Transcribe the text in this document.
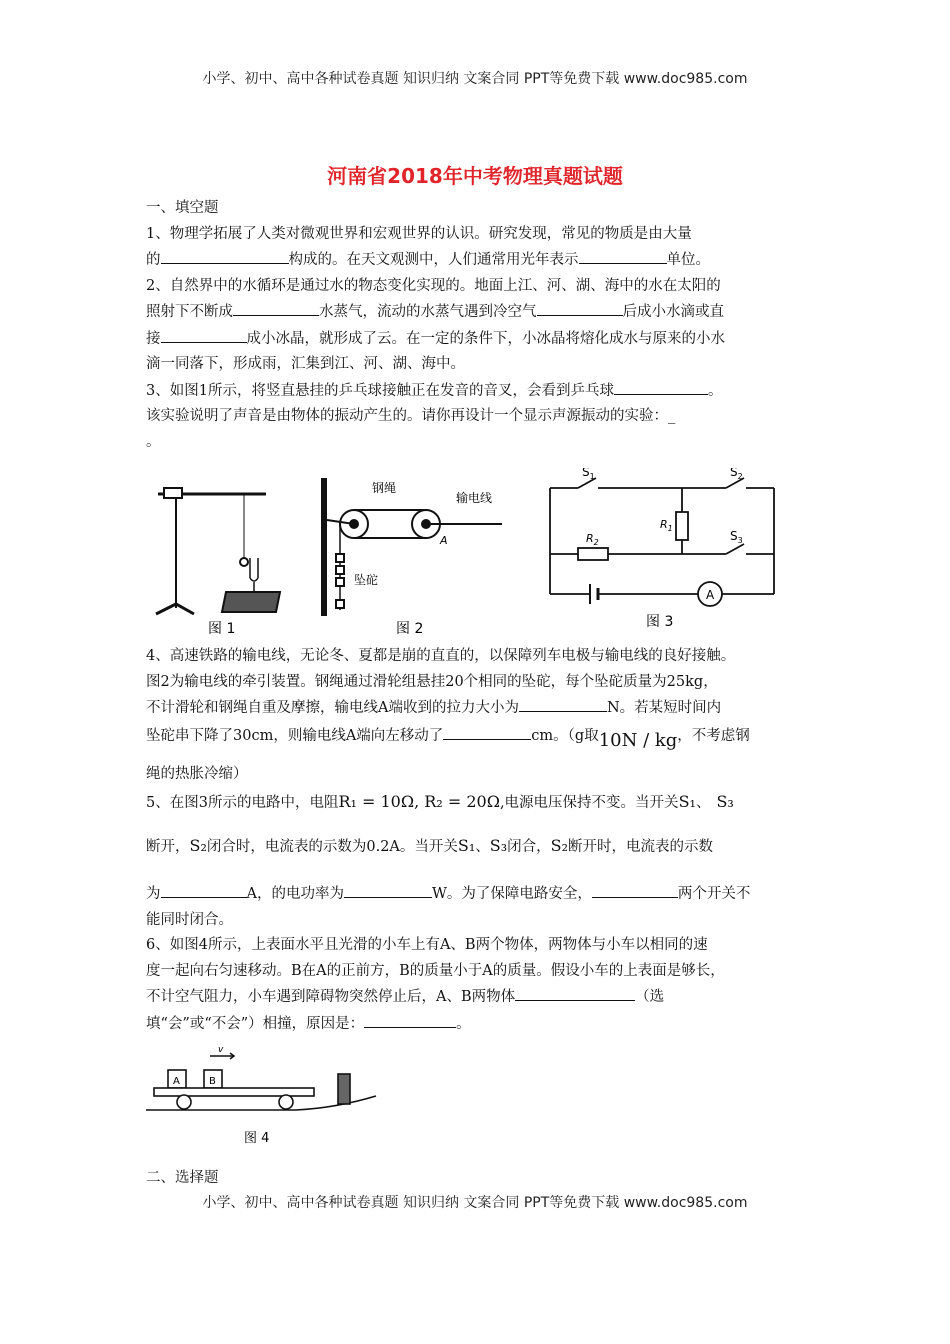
小学、初中、高中各种试卷真题 知识归纳 文案合同 PPT等免费下载 www.doc985.com
河南省2018年中考物理真题试题

一、填空题

1、物理学拓展了人类对微观世界和宏观世界的认识。研究发现，常见的物质是由大量

的	构成的。在天文观测中，人们通常用光年表示	单位。

2、自然界中的水循环是通过水的物态变化实现的。地面上江、河、湖、海中的水在太阳的

照射下不断成	水蒸气，流动的水蒸气遇到冷空气	后成小水滴或直

接	成小冰晶，就形成了云。在一定的条件下，小冰晶将熔化成水与原来的小水

滴一同落下，形成雨，汇集到江、河、湖、海中。

3、如图1所示，将竖直悬挂的乒乓球接触正在发音的音叉，会看到乒乓球	。

该实验说明了声音是由物体的振动产生的。请你再设计一个显示声源振动的实验：_

。

图 1
钢绳
输电线
A
坠砣
图 2
$S_1$	$S_2$
$S_3$
$R_1$
$R_2$
A
图 3

4、高速铁路的输电线，无论冬、夏都是崩的直直的，以保障列车电极与输电线的良好接触。

图2为输电线的牵引装置。钢绳通过滑轮组悬挂20个相同的坠砣，每个坠砣质量为25kg，

不计滑轮和钢绳自重及摩擦，输电线A端收到的拉力大小为	N。若某短时间内

坠砣串下降了30cm，则输电线A端向左移动了	cm。（g取10N / kg，不考虑钢

绳的热胀冷缩）

5、在图3所示的电路中，电阻R₁ = 10Ω, R₂ = 20Ω,电源电压保持不变。当开关S₁、 S₃

断开，S₂闭合时，电流表的示数为0.2A。当开关S₁、S₃闭合，S₂断开时，电流表的示数

为	A，的电功率为	W。为了保障电路安全，	两个开关不

能同时闭合。

6、如图4所示，上表面水平且光滑的小车上有A、B两个物体，两物体与小车以相同的速

度一起向右匀速移动。B在A的正前方，B的质量小于A的质量。假设小车的上表面是够长，

不计空气阻力，小车遇到障碍物突然停止后，A、B两物体	（选

填“会”或“不会”）相撞，原因是：	。

A	B
v
图 4
二、选择题
小学、初中、高中各种试卷真题 知识归纳 文案合同 PPT等免费下载 www.doc985.com
